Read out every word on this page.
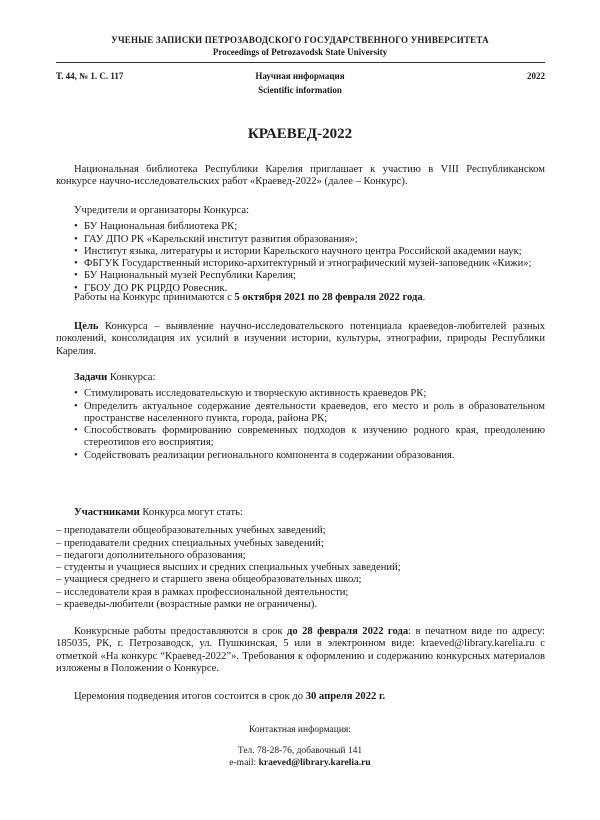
УЧЕНЫЕ ЗАПИСКИ ПЕТРОЗАВОДСКОГО ГОСУДАРСТВЕННОГО УНИВЕРСИТЕТА
Proceedings of Petrozavodsk State University
Т. 44, № 1. С. 117	Научная информация
Scientific information
2022
КРАЕВЕД-2022
Национальная библиотека Республики Карелия приглашает к участию в VIII Республиканском конкурсе научно-исследовательских работ «Краевед-2022» (далее – Конкурс).
Учредители и организаторы Конкурса:
• БУ Национальная библиотека РК;
• ГАУ ДПО РК «Карельский институт развития образования»;
• Институт языка, литературы и истории Карельского научного центра Российской академии наук;
• ФБГУК Государственный историко-архитектурный и этнографический музей-заповедник «Кижи»;
• БУ Национальный музей Республики Карелия;
• ГБОУ ДО РК РЦРДО Ровесник.
Работы на Конкурс принимаются с 5 октября 2021 по 28 февраля 2022 года.
Цель Конкурса – выявление научно-исследовательского потенциала краеведов-любителей разных поколений, консолидация их усилий в изучении истории, культуры, этнографии, природы Республики Карелия.
Задачи Конкурса:
• Стимулировать исследовательскую и творческую активность краеведов РК;
• Определить актуальное содержание деятельности краеведов, его место и роль в образовательном пространстве населенного пункта, города, района РК;
• Способствовать формированию современных подходов к изучению родного края, преодолению стереотипов его восприятия;
• Содействовать реализации регионального компонента в содержании образования.
Участниками Конкурса могут стать:
– преподаватели общеобразовательных учебных заведений;
– преподаватели средних специальных учебных заведений;
– педагоги дополнительного образования;
– студенты и учащиеся высших и средних специальных учебных заведений;
– учащиеся среднего и старшего звена общеобразовательных школ;
– исследователи края в рамках профессиональной деятельности;
– краеведы-любители (возрастные рамки не ограничены).
Конкурсные работы предоставляются в срок до 28 февраля 2022 года: в печатном виде по адресу: 185035, РК, г. Петрозаводск, ул. Пушкинская, 5 или в электронном виде: kraeved@library.karelia.ru с отметкой «На конкурс “Краевед-2022”». Требования к оформлению и содержанию конкурсных материалов изложены в Положении о Конкурсе.
Церемония подведения итогов состоится в срок до 30 апреля 2022 г.
Контактная информация:
Тел. 78-28-76, добавочный 141
e-mail: kraeved@library.karelia.ru
